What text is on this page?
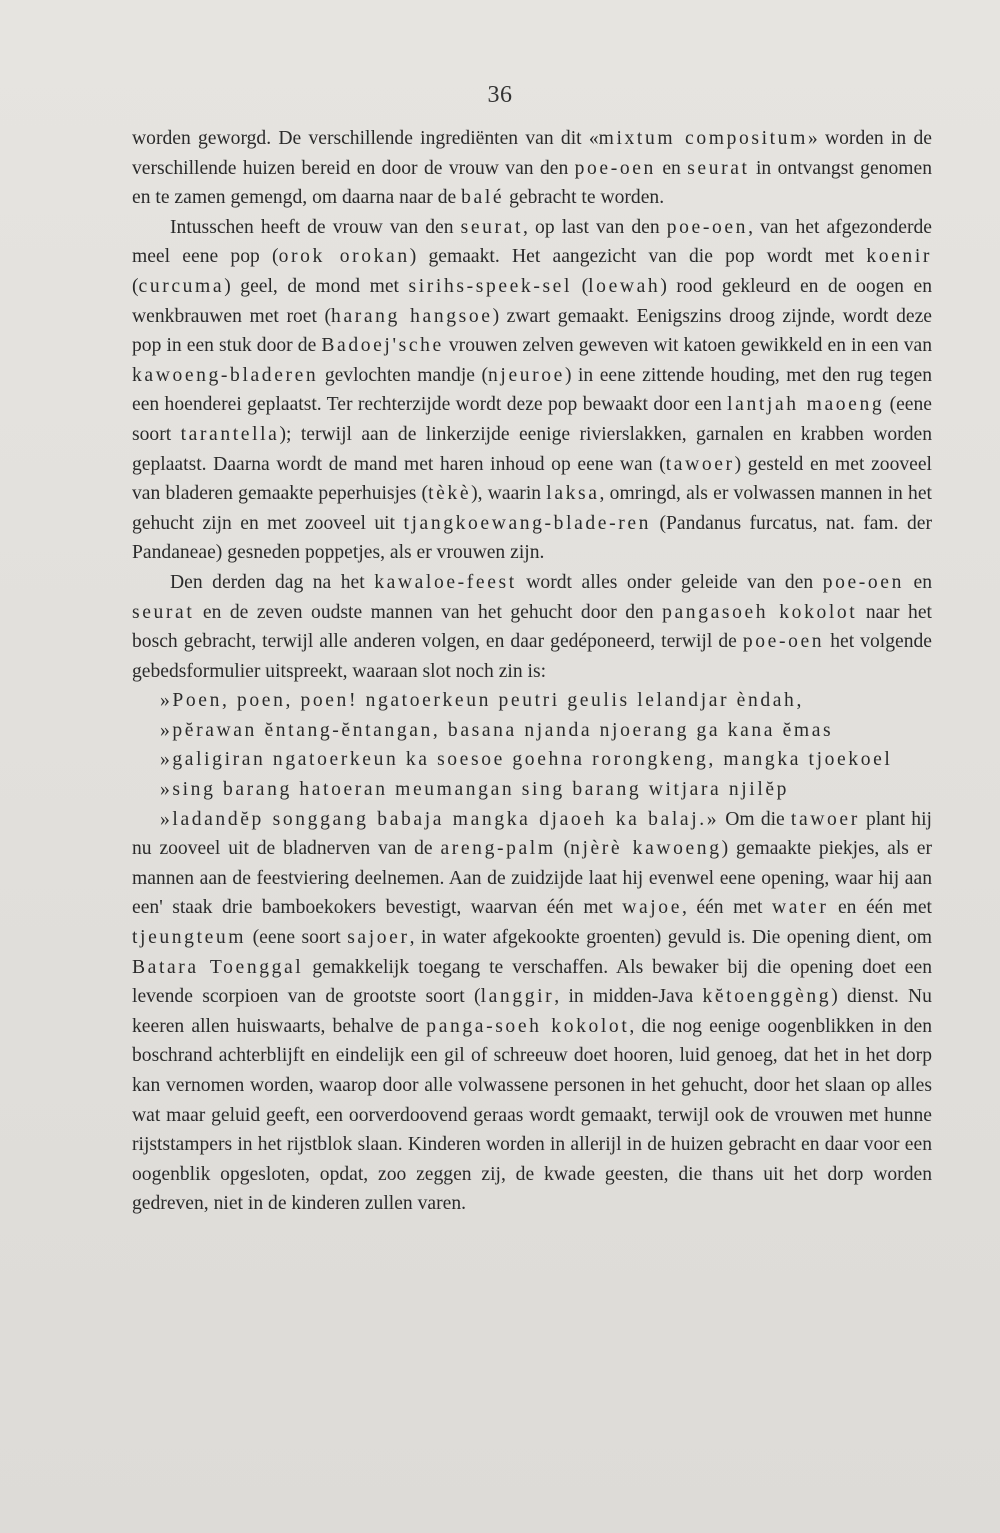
36

worden geworgd. De verschillende ingrediënten van dit «mixtum compositum» worden in de verschillende huizen bereid en door de vrouw van den poe-oen en seurat in ontvangst genomen en te zamen gemengd, om daarna naar de balé gebracht te worden.

Intusschen heeft de vrouw van den seurat, op last van den poe-oen, van het afgezonderde meel eene pop (orok orokan) gemaakt. Het aangezicht van die pop wordt met koenir (curcuma) geel, de mond met sirihs-speek-sel (loewah) rood gekleurd en de oogen en wenkbrauwen met roet (harang hangsoe) zwart gemaakt. Eenigszins droog zijnde, wordt deze pop in een stuk door de Badoej'sche vrouwen zelven geweven wit katoen gewikkeld en in een van kawoeng-bladeren gevlochten mandje (njeuroe) in eene zittende houding, met den rug tegen een hoenderei geplaatst. Ter rechterzijde wordt deze pop bewaakt door een lantjah maoeng (eene soort tarantella); terwijl aan de linkerzijde eenige rivierslakken, garnalen en krabben worden geplaatst. Daarna wordt de mand met haren inhoud op eene wan (tawoer) gesteld en met zooveel van bladeren gemaakte peperhuisjes (tèkè), waarin laksa, omringd, als er volwassen mannen in het gehucht zijn en met zooveel uit tjangkoewang-blade-ren (Pandanus furcatus, nat. fam. der Pandaneae) gesneden poppetjes, als er vrouwen zijn.

Den derden dag na het kawaloe-feest wordt alles onder geleide van den poe-oen en seurat en de zeven oudste mannen van het gehucht door den pangasoeh kokolot naar het bosch gebracht, terwijl alle anderen volgen, en daar gedéponeerd, terwijl de poe-oen het volgende gebedsformulier uitspreekt, waaraan slot noch zin is:

»Poen, poen, poen! ngatoerkeun peutri geulis lelandjar èndah,
»pĕrawan ĕntang-ĕntangan, basana njanda njoerang ga kana ĕmas
»galigiran ngatoerkeun ka soesoe goehna rorongkeng, mangka tjoekoel
»sing barang hatoeran meumangan sing barang witjara njilĕp
»ladandĕp songgang babaja mangka djaoeh ka balaj.» Om die tawoer plant hij nu zooveel uit de bladnerven van de areng-palm (njèrè kawoeng) gemaakte piekjes, als er mannen aan de feestviering deelnemen. Aan de zuidzijde laat hij evenwel eene opening, waar hij aan een' staak drie bamboekokers bevestigt, waarvan één met wajoe, één met water en één met tjeungteum (eene soort sajoer, in water afgekookte groenten) gevuld is. Die opening dient, om Batara Toenggal gemakkelijk toegang te verschaffen. Als bewaker bij die opening doet een levende scorpioen van de grootste soort (langgir, in midden-Java kĕtoenggèng) dienst. Nu keeren allen huiswaarts, behalve de panga-soeh kokolot, die nog eenige oogenblikken in den boschrand achterblijft en eindelijk een gil of schreeuw doet hooren, luid genoeg, dat het in het dorp kan vernomen worden, waarop door alle volwassene personen in het gehucht, door het slaan op alles wat maar geluid geeft, een oorverdoovend geraas wordt gemaakt, terwijl ook de vrouwen met hunne rijststampers in het rijstblok slaan. Kinderen worden in allerijl in de huizen gebracht en daar voor een oogenblik opgesloten, opdat, zoo zeggen zij, de kwade geesten, die thans uit het dorp worden gedreven, niet in de kinderen zullen varen.
